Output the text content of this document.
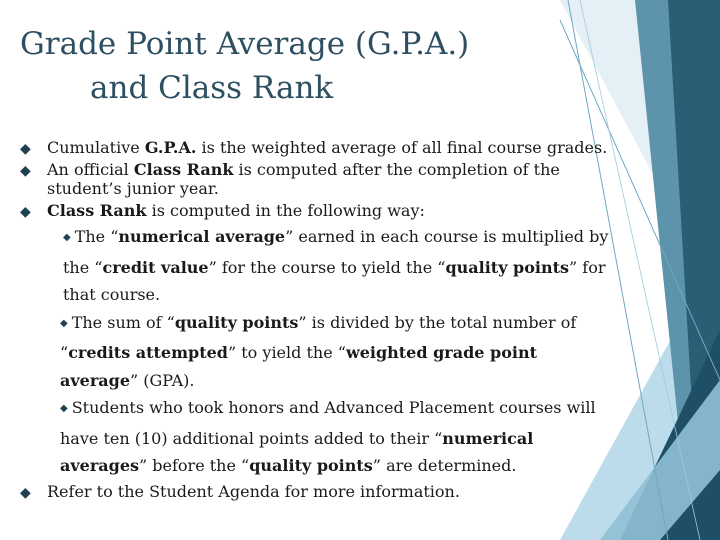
Grade Point Average (G.P.A.)
and Class Rank
◆ Cumulative G.P.A. is the weighted average of all final course grades.
◆ An official Class Rank is computed after the completion of the student’s junior year.
◆ Class Rank is computed in the following way:
◆ The “numerical average” earned in each course is multiplied by the “credit value” for the course to yield the “quality points” for that course.
◆ The sum of “quality points” is divided by the total number of “credits attempted” to yield the “weighted grade point average” (GPA).
◆ Students who took honors and Advanced Placement courses will have ten (10) additional points added to their “numerical averages” before the “quality points” are determined.
◆ Refer to the Student Agenda for more information.
